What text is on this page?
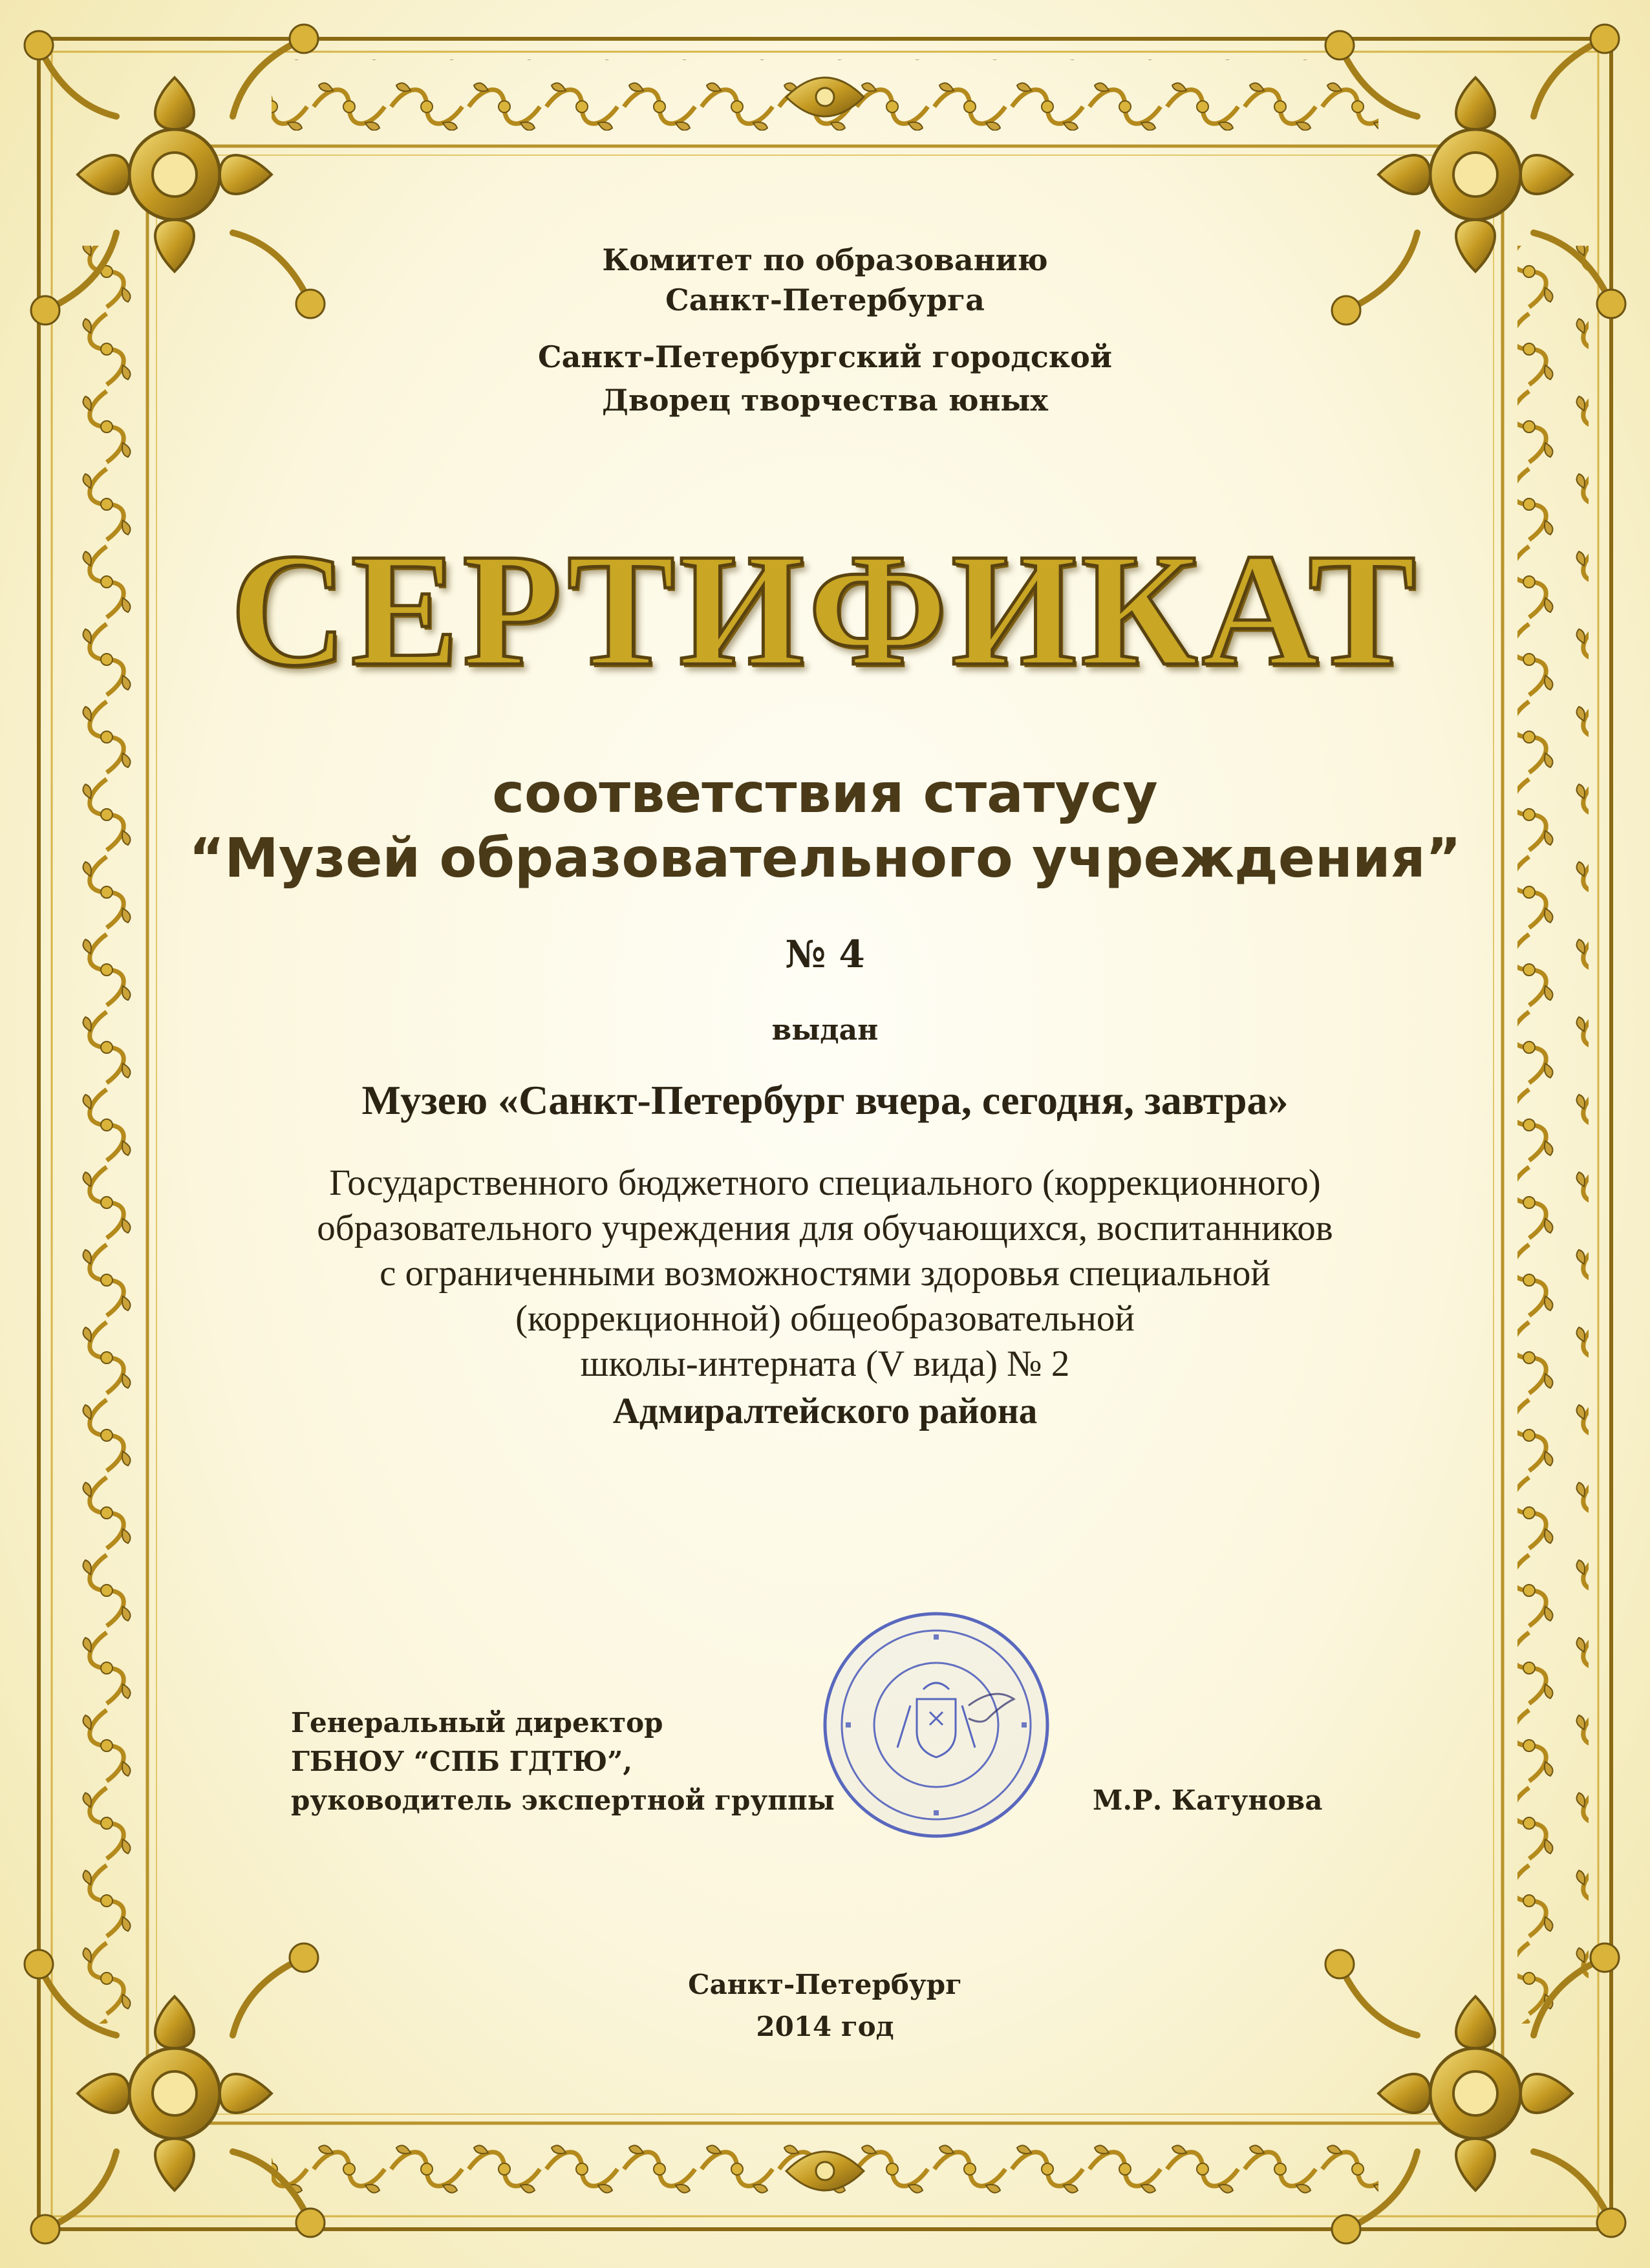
Комитет по образованию
Санкт-Петербурга
Санкт-Петербургский городской
Дворец творчества юных
СЕРТИФИКАТ
соответствия статусу
“Музей образовательного учреждения”
№ 4
выдан
Музею «Санкт-Петербург вчера, сегодня, завтра»
Государственного бюджетного специального (коррекционного)
образовательного учреждения для обучающихся, воспитанников
с ограниченными возможностями здоровья специальной
(коррекционной) общеобразовательной
школы-интерната (V вида) № 2
Адмиралтейского района
Генеральный директор
ГБНОУ “СПБ ГДТЮ”,
руководитель экспертной группы	М.Р. Катунова
Санкт-Петербург
2014 год
